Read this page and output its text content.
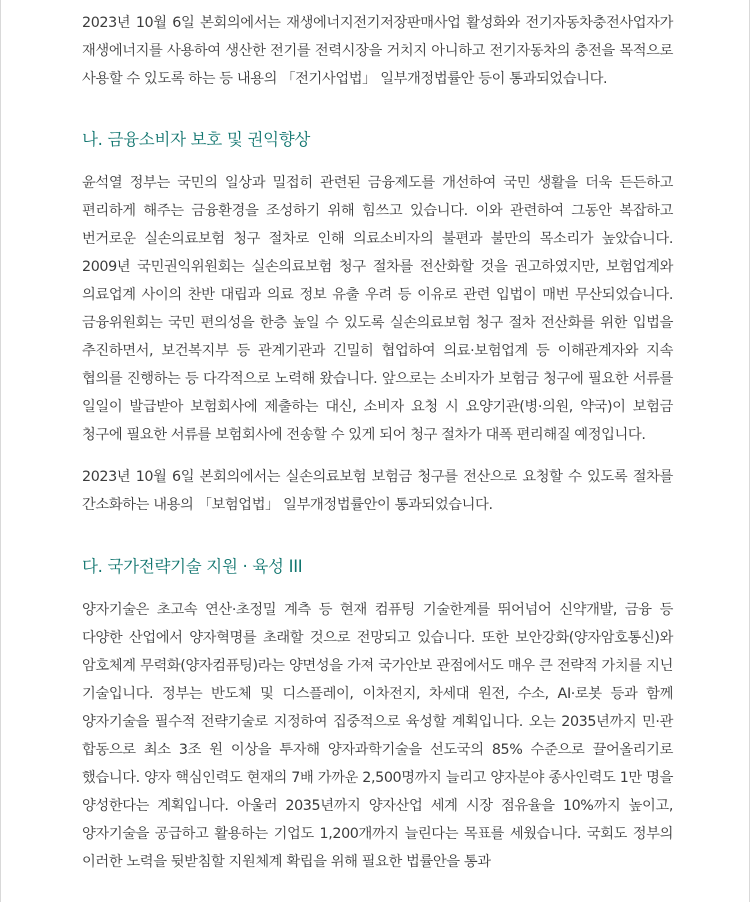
2023년 10월 6일 본회의에서는 재생에너지전기저장판매사업 활성화와 전기자동차충전사업자가 재생에너지를 사용하여 생산한 전기를 전력시장을 거치지 아니하고 전기자동차의 충전을 목적으로 사용할 수 있도록 하는 등 내용의 「전기사업법」 일부개정법률안 등이 통과되었습니다.

나. 금융소비자 보호 및 권익향상

윤석열 정부는 국민의 일상과 밀접히 관련된 금융제도를 개선하여 국민 생활을 더욱 든든하고 편리하게 해주는 금융환경을 조성하기 위해 힘쓰고 있습니다. 이와 관련하여 그동안 복잡하고 번거로운 실손의료보험 청구 절차로 인해 의료소비자의 불편과 불만의 목소리가 높았습니다. 2009년 국민권익위원회는 실손의료보험 청구 절차를 전산화할 것을 권고하였지만, 보험업계와 의료업계 사이의 찬반 대립과 의료 정보 유출 우려 등 이유로 관련 입법이 매번 무산되었습니다. 금융위원회는 국민 편의성을 한층 높일 수 있도록 실손의료보험 청구 절차 전산화를 위한 입법을 추진하면서, 보건복지부 등 관계기관과 긴밀히 협업하여 의료·보험업계 등 이해관계자와 지속 협의를 진행하는 등 다각적으로 노력해 왔습니다. 앞으로는 소비자가 보험금 청구에 필요한 서류를 일일이 발급받아 보험회사에 제출하는 대신, 소비자 요청 시 요양기관(병·의원, 약국)이 보험금 청구에 필요한 서류를 보험회사에 전송할 수 있게 되어 청구 절차가 대폭 편리해질 예정입니다.

2023년 10월 6일 본회의에서는 실손의료보험 보험금 청구를 전산으로 요청할 수 있도록 절차를 간소화하는 내용의 「보험업법」 일부개정법률안이 통과되었습니다.

다. 국가전략기술 지원 · 육성 III

양자기술은 초고속 연산·초정밀 계측 등 현재 컴퓨팅 기술한계를 뛰어넘어 신약개발, 금융 등 다양한 산업에서 양자혁명를 초래할 것으로 전망되고 있습니다. 또한 보안강화(양자암호통신)와 암호체계 무력화(양자컴퓨팅)라는 양면성을 가져 국가안보 관점에서도 매우 큰 전략적 가치를 지닌 기술입니다. 정부는 반도체 및 디스플레이, 이차전지, 차세대 원전, 수소, AI·로봇 등과 함께 양자기술을 필수적 전략기술로 지정하여 집중적으로 육성할 계획입니다. 오는 2035년까지 민·관 합동으로 최소 3조 원 이상을 투자해 양자과학기술을 선도국의 85% 수준으로 끌어올리기로 했습니다. 양자 핵심인력도 현재의 7배 가까운 2,500명까지 늘리고 양자분야 종사인력도 1만 명을 양성한다는 계획입니다. 아울러 2035년까지 양자산업 세계 시장 점유율을 10%까지 높이고, 양자기술을 공급하고 활용하는 기업도 1,200개까지 늘린다는 목표를 세웠습니다. 국회도 정부의 이러한 노력을 뒷받침할 지원체계 확립을 위해 필요한 법률안을 통과
